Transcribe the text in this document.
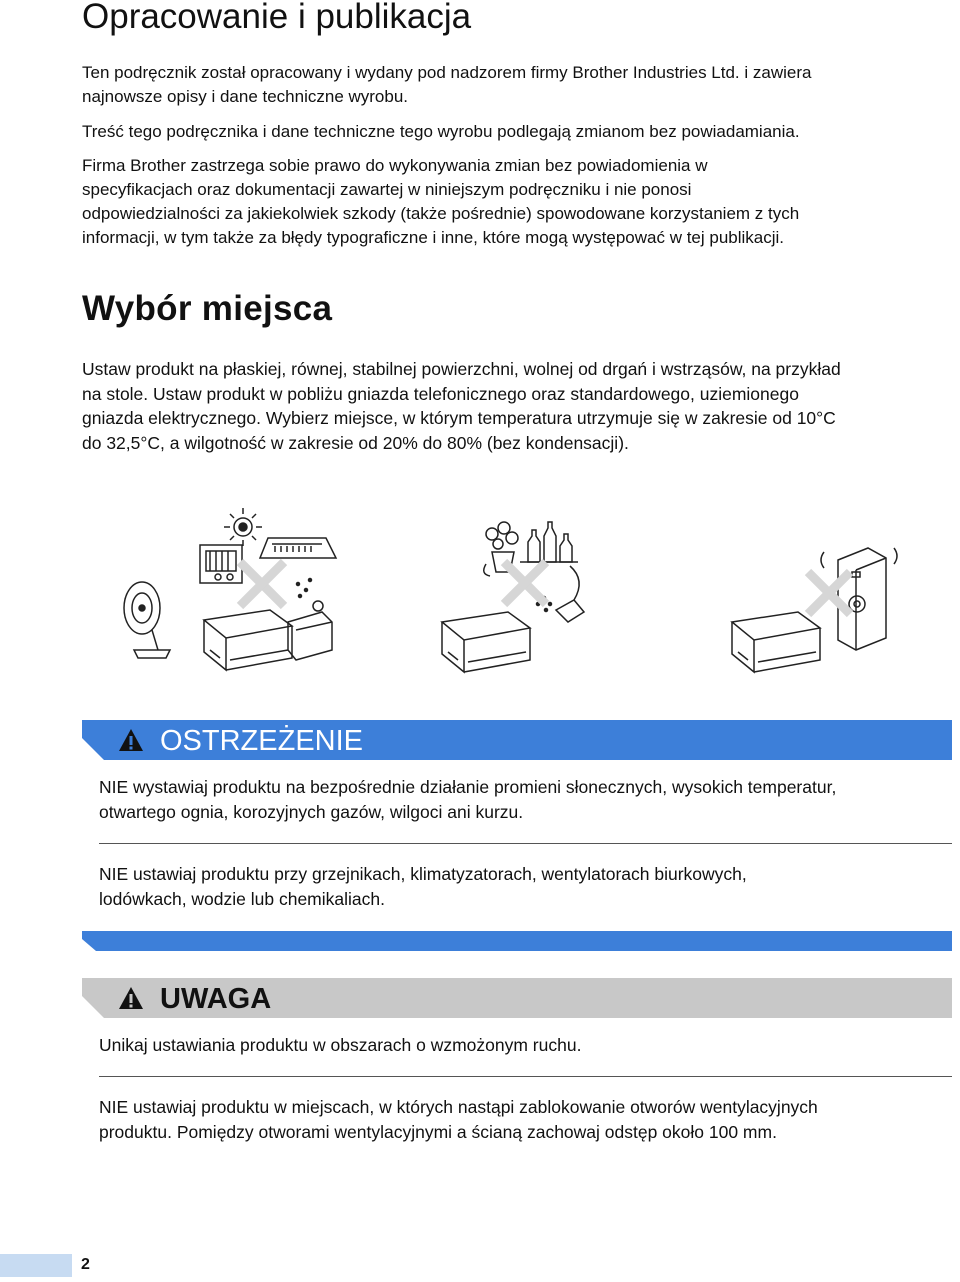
Opracowanie i publikacja

Ten podręcznik został opracowany i wydany pod nadzorem firmy Brother Industries Ltd. i zawiera
najnowsze opisy i dane techniczne wyrobu.

Treść tego podręcznika i dane techniczne tego wyrobu podlegają zmianom bez powiadamiania.

Firma Brother zastrzega sobie prawo do wykonywania zmian bez powiadomienia w
specyfikacjach oraz dokumentacji zawartej w niniejszym podręczniku i nie ponosi
odpowiedzialności za jakiekolwiek szkody (także pośrednie) spowodowane korzystaniem z tych
informacji, w tym także za błędy typograficzne i inne, które mogą występować w tej publikacji.

Wybór miejsca

Ustaw produkt na płaskiej, równej, stabilnej powierzchni, wolnej od drgań i wstrząsów, na przykład
na stole. Ustaw produkt w pobliżu gniazda telefonicznego oraz standardowego, uziemionego
gniazda elektrycznego. Wybierz miejsce, w którym temperatura utrzymuje się w zakresie od 10°C
do 32,5°C, a wilgotność w zakresie od 20% do 80% (bez kondensacji).

OSTRZEŻENIE

NIE wystawiaj produktu na bezpośrednie działanie promieni słonecznych, wysokich temperatur,
otwartego ognia, korozyjnych gazów, wilgoci ani kurzu.

NIE ustawiaj produktu przy grzejnikach, klimatyzatorach, wentylatorach biurkowych,
lodówkach, wodzie lub chemikaliach.

UWAGA

Unikaj ustawiania produktu w obszarach o wzmożonym ruchu.

NIE ustawiaj produktu w miejscach, w których nastąpi zablokowanie otworów wentylacyjnych
produktu. Pomiędzy otworami wentylacyjnymi a ścianą zachowaj odstęp około 100 mm.

2
